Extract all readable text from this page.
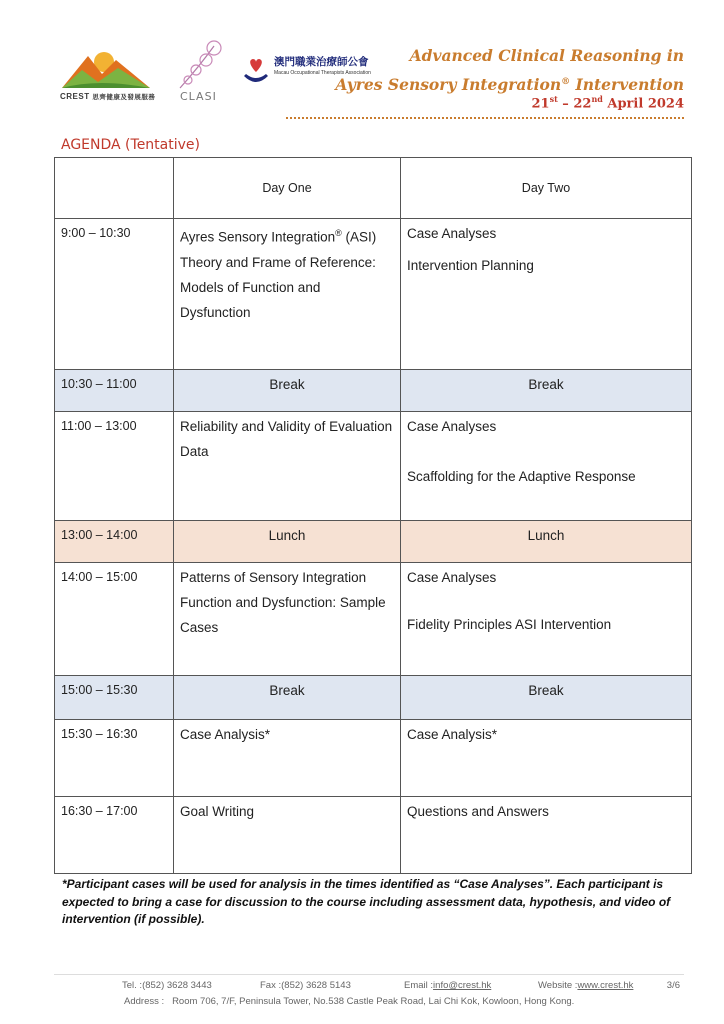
CREST 思齊健康及發展服務 CLASI
澳門職業治療師公會
Macau Occupational Therapists Association
Advanced Clinical Reasoning in
Ayres Sensory Integration® Intervention
21st – 22nd April 2024
AGENDA (Tentative)
	Day One	Day Two
9:00 – 10:30	Ayres Sensory Integration® (ASI) Theory and Frame of Reference: Models of Function and Dysfunction	Case Analyses
Intervention Planning

10:30 – 11:00	Break	Break
11:00 – 13:00	Reliability and Validity of Evaluation Data	Case Analyses
Scaffolding for the Adaptive Response

13:00 – 14:00	Lunch	Lunch
14:00 – 15:00	Patterns of Sensory Integration Function and Dysfunction: Sample Cases	Case Analyses
Fidelity Principles ASI Intervention

15:00 – 15:30	Break	Break
15:30 – 16:30	Case Analysis*	Case Analysis*
16:30 – 17:00	Goal Writing	Questions and Answers
*Participant cases will be used for analysis in the times identified as “Case Analyses”. Each participant is expected to bring a case for discussion to the course including assessment data, hypothesis, and video of intervention (if possible).
Tel. :(852) 3628 3443	Fax :(852) 3628 5143	Email :info@crest.hk	Website :www.crest.hk	3/6
Address : Room 706, 7/F, Peninsula Tower, No.538 Castle Peak Road, Lai Chi Kok, Kowloon, Hong Kong.
